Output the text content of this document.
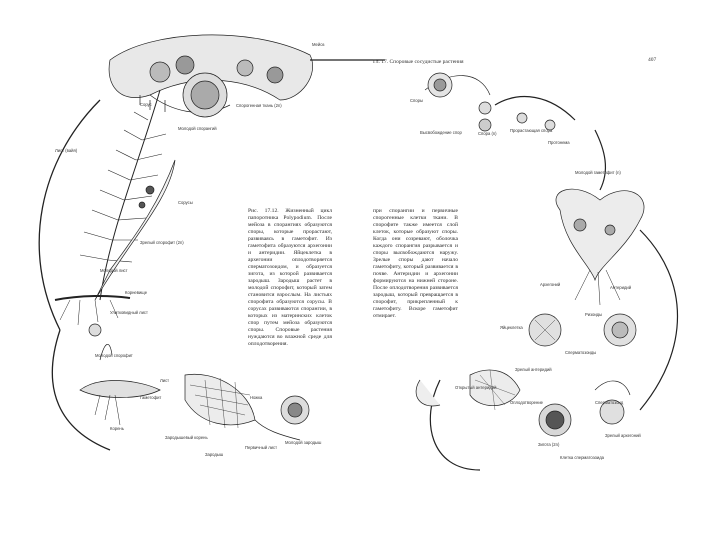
Гл. 17. Споровые сосудистые растения	407
Мейоз
Сорус	Спорогенная ткань (2n)
Молодой спорангий
Лист (вайя)
Сорусы
Зрелый спорофит (2n)
Молодой лист
Корневище
Улитковидный лист
Молодой спорофит
Гаметофит
Корень
Лист
Зародыш
Ножка
Зародышевый корень
Первичный лист
Молодой зародыш
Споры
Высвобождение спор	Спора (n)
Прорастающая спора
Протонема
Молодой гаметофит (n)
Архегоний
Антеридий
Яйцеклетка
Ризоиды
Сперматозоиды
Зрелый антеридий
Открытый антеридий
Оплодотворение
Зигота (2n)
Зрелый архегоний
Сперматозоид
Клетка сперматозоида

Рис. 17.12. Жизненный цикл папоротника Polypodium. После мейоза в спорангиях образуются споры, которые прорастают, развиваясь в гаметофит. Из гаметофита образуются архегонии и антеридии. Яйцеклетка в архегонии оплодотворяется сперматозоидом, и образуется зигота, из которой развивается зародыш. Зародыш растет в молодой спорофит, который затем становится взрослым. На листьях спорофита образуются сорусы. В сорусах развиваются спорангии, в которых из материнских клеток спор путем мейоза образуются споры. Споровые растения нуждаются во влажной среде для оплодотворения.

при спорангии и первичные спорогенные клетки ткани. В спорофите также имеется слой клеток, которые образуют споры. Когда они созревают, оболочка каждого спорангия разрывается и споры высвобождаются наружу. Зрелые споры дают начало гаметофиту, который развивается в почве. Антеридии и архегонии формируются на нижней стороне. После оплодотворения развивается зародыш, который превращается в спорофит, прикрепленный к гаметофиту. Вскоре гаметофит отмирает.
